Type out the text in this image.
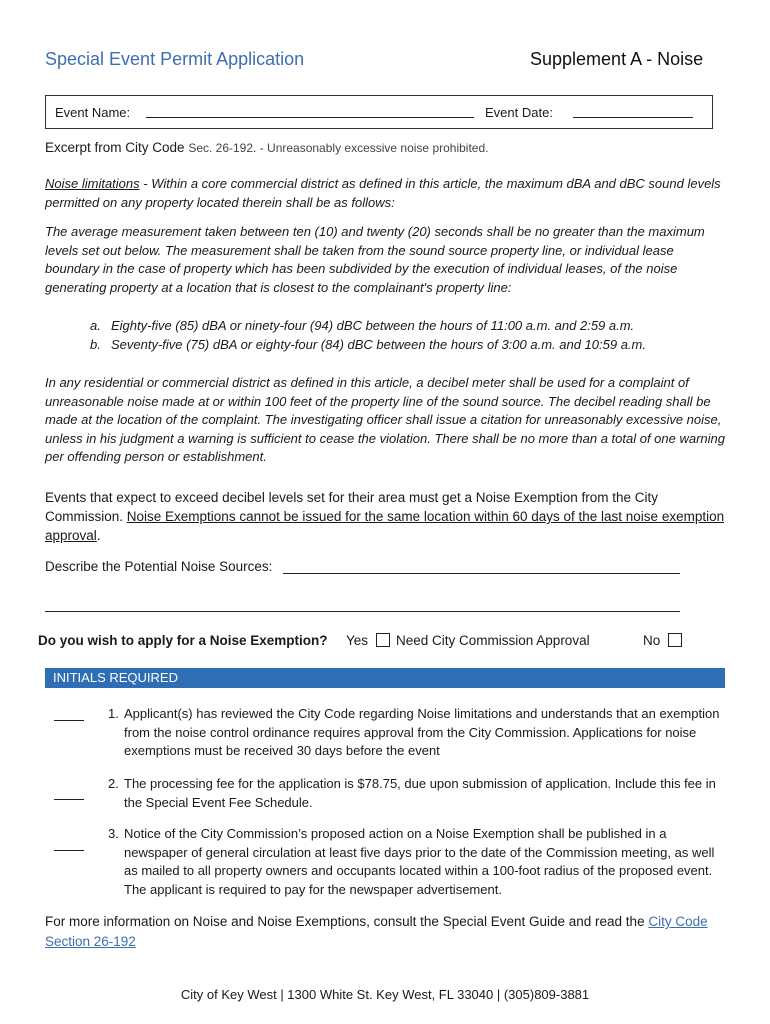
Special Event Permit Application	Supplement A - Noise
Event Name:	Event Date:
Excerpt from City Code Sec. 26-192. - Unreasonably excessive noise prohibited.
Noise limitations - Within a core commercial district as defined in this article, the maximum dBA and dBC sound levels permitted on any property located therein shall be as follows:
The average measurement taken between ten (10) and twenty (20) seconds shall be no greater than the maximum levels set out below. The measurement shall be taken from the sound source property line, or individual lease boundary in the case of property which has been subdivided by the execution of individual leases, of the noise generating property at a location that is closest to the complainant's property line:
a. Eighty-five (85) dBA or ninety-four (94) dBC between the hours of 11:00 a.m. and 2:59 a.m.
b. Seventy-five (75) dBA or eighty-four (84) dBC between the hours of 3:00 a.m. and 10:59 a.m.
In any residential or commercial district as defined in this article, a decibel meter shall be used for a complaint of unreasonable noise made at or within 100 feet of the property line of the sound source. The decibel reading shall be made at the location of the complaint. The investigating officer shall issue a citation for unreasonably excessive noise, unless in his judgment a warning is sufficient to cease the violation. There shall be no more than a total of one warning per offending person or establishment.
Events that expect to exceed decibel levels set for their area must get a Noise Exemption from the City Commission. Noise Exemptions cannot be issued for the same location within 60 days of the last noise exemption approval.
Describe the Potential Noise Sources:
Do you wish to apply for a Noise Exemption? Yes Need City Commission Approval	No
INITIALS REQUIRED
1. Applicant(s) has reviewed the City Code regarding Noise limitations and understands that an exemption from the noise control ordinance requires approval from the City Commission. Applications for noise exemptions must be received 30 days before the event
2. The processing fee for the application is $78.75, due upon submission of application. Include this fee in the Special Event Fee Schedule.
3. Notice of the City Commission’s proposed action on a Noise Exemption shall be published in a newspaper of general circulation at least five days prior to the date of the Commission meeting, as well as mailed to all property owners and occupants located within a 100-foot radius of the proposed event. The applicant is required to pay for the newspaper advertisement.
For more information on Noise and Noise Exemptions, consult the Special Event Guide and read the City Code Section 26-192
City of Key West | 1300 White St. Key West, FL 33040 | (305)809-3881
